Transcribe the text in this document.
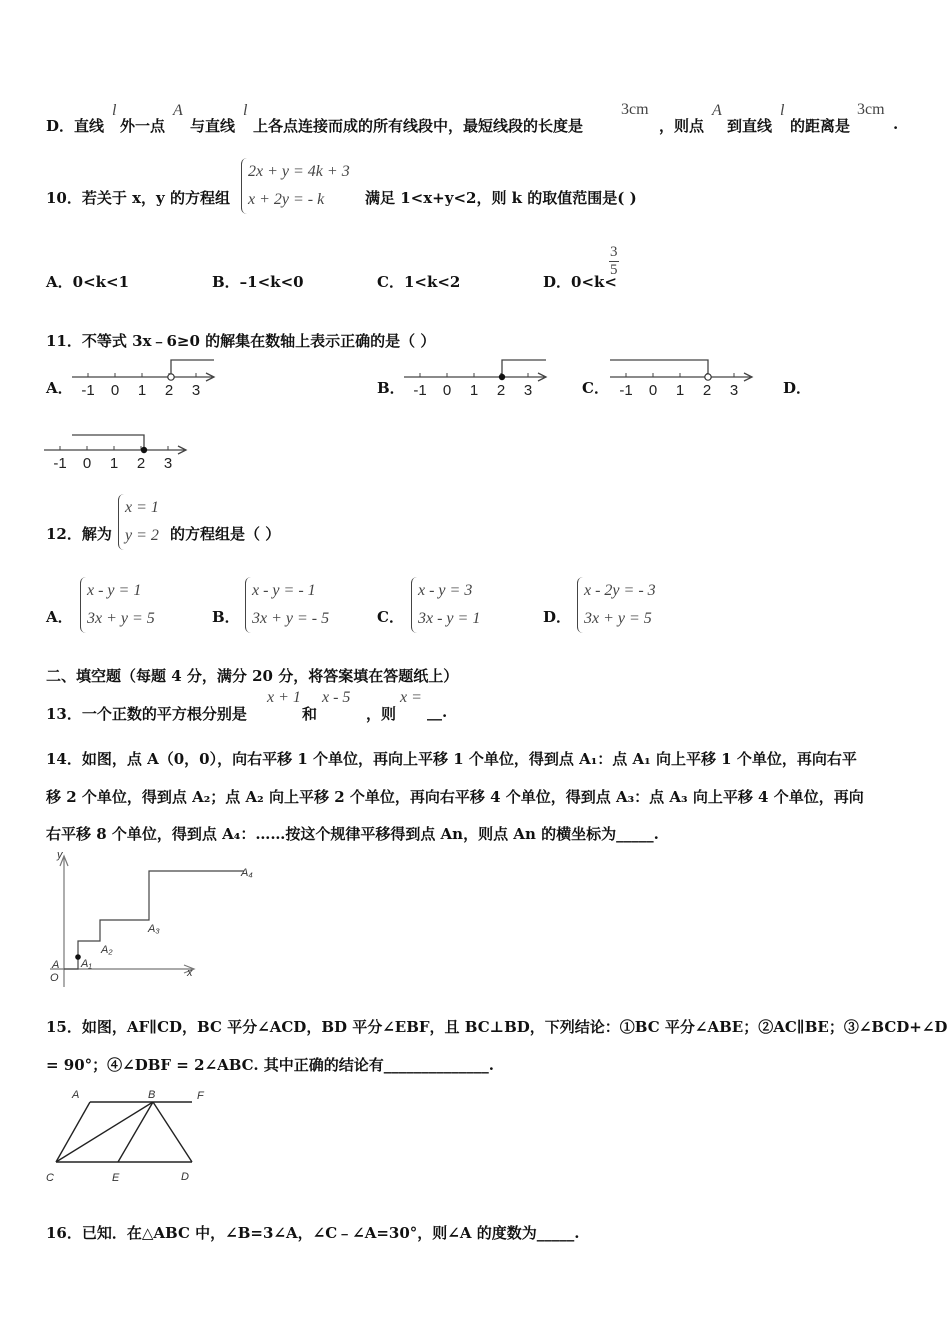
D．直线
l
外一点
A
与直线
l
上各点连接而成的所有线段中，最短线段的长度是
3cm
，则点
A
到直线
l
的距离是
3cm
.
10．若关于 x，y 的方程组
2x + y = 4k + 3
x + 2y = - k	满足 1<x+y<2，则 k 的取值范围是( )
A．0<k<1	B．–1<k<0	C．1<k<2	D．0<k<
$\frac{3}{5}$
11．不等式 3x﹣6≥0 的解集在数轴上表示正确的是（ ）
A．	B．	C．	D．
-1 0 1 2 3	-1 0 1 2 3	-1 0 1 2 3
-1 0 1 2 3
12．解为
x = 1
y = 2 的方程组是（ ）
A．
x - y = 1
3x + y = 5	B．
x - y = - 1
3x + y = - 5	C．
x - y = 3
3x - y = 1	D．
x - 2y = - 3
3x + y = 5
二、填空题（每题 4 分，满分 20 分，将答案填在答题纸上）
13．一个正数的平方根分别是
x + 1
和
x - 5
，则
x =
__.
14．如图，点 A（0，0），向右平移 1 个单位，再向上平移 1 个单位，得到点 A₁：点 A₁ 向上平移 1 个单位，再向右平
移 2 个单位，得到点 A₂；点 A₂ 向上平移 2 个单位，再向右平移 4 个单位，得到点 A₃：点 A₃ 向上平移 4 个单位，再向
右平移 8 个单位，得到点 A₄：……按这个规律平移得到点 An，则点 An 的横坐标为_____.
y
x
O
A A₁
A₂
A₃
A₄
15．如图，AF∥CD，BC 平分∠ACD，BD 平分∠EBF，且 BC⊥BD，下列结论：①BC 平分∠ABE；②AC∥BE；③∠BCD+∠D
= 90°；④∠DBF = 2∠ABC. 其中正确的结论有______________.
A	B	F
C	E	D
16．已知．在△ABC 中，∠B=3∠A，∠C﹣∠A=30°，则∠A 的度数为_____.
